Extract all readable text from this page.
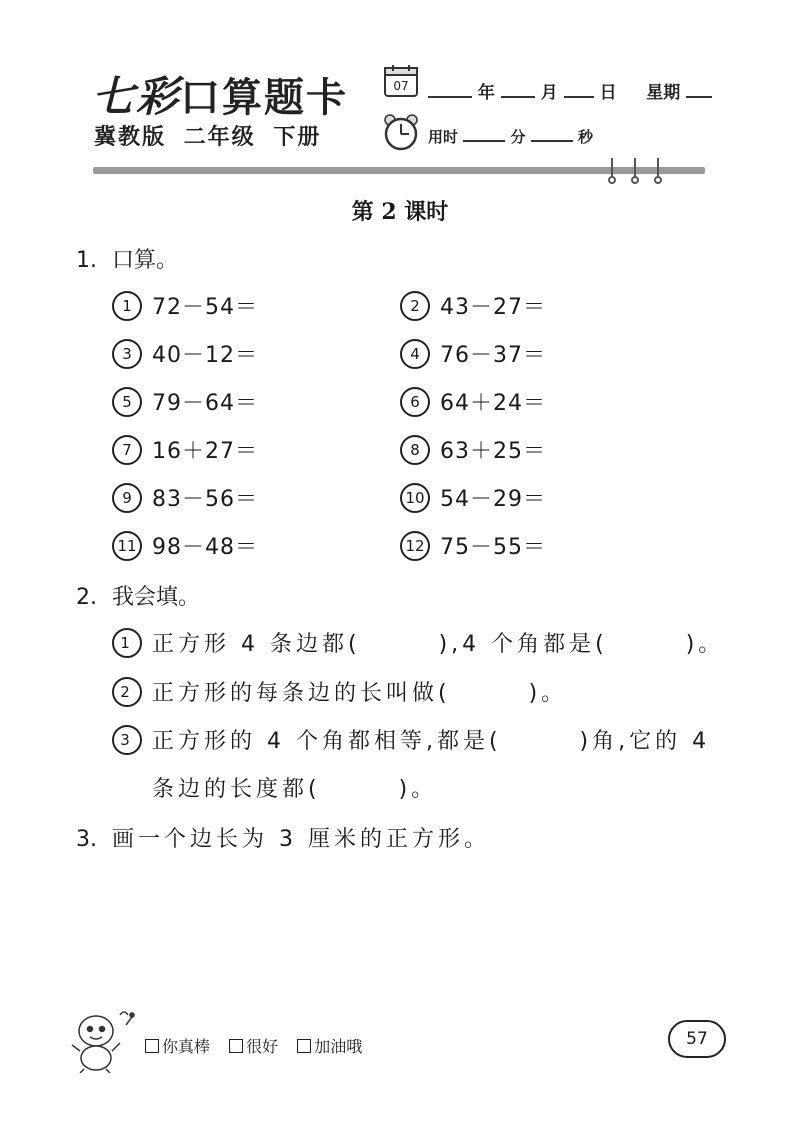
七彩口算题卡
冀教版 二年级 下册
07	年	月 日 星期
用时	分	秒
第 2 课时
1. 口算。
1 72－54＝	2 43－27＝
3 40－12＝	4 76－37＝
5 79－64＝	6 64＋24＝
7 16＋27＝	8 63＋25＝
9 83－56＝	10 54－29＝
11 98－48＝	12 75－55＝
2. 我会填。
1 正方形 4 条边都(　　　),4 个角都是(　　　)。
2 正方形的每条边的长叫做(　　　)。
3 正方形的 4 个角都相等,都是(　　　)角,它的 4
条边的长度都(　　　)。
3. 画一个边长为 3 厘米的正方形。
你真棒 很好 加油哦	57
